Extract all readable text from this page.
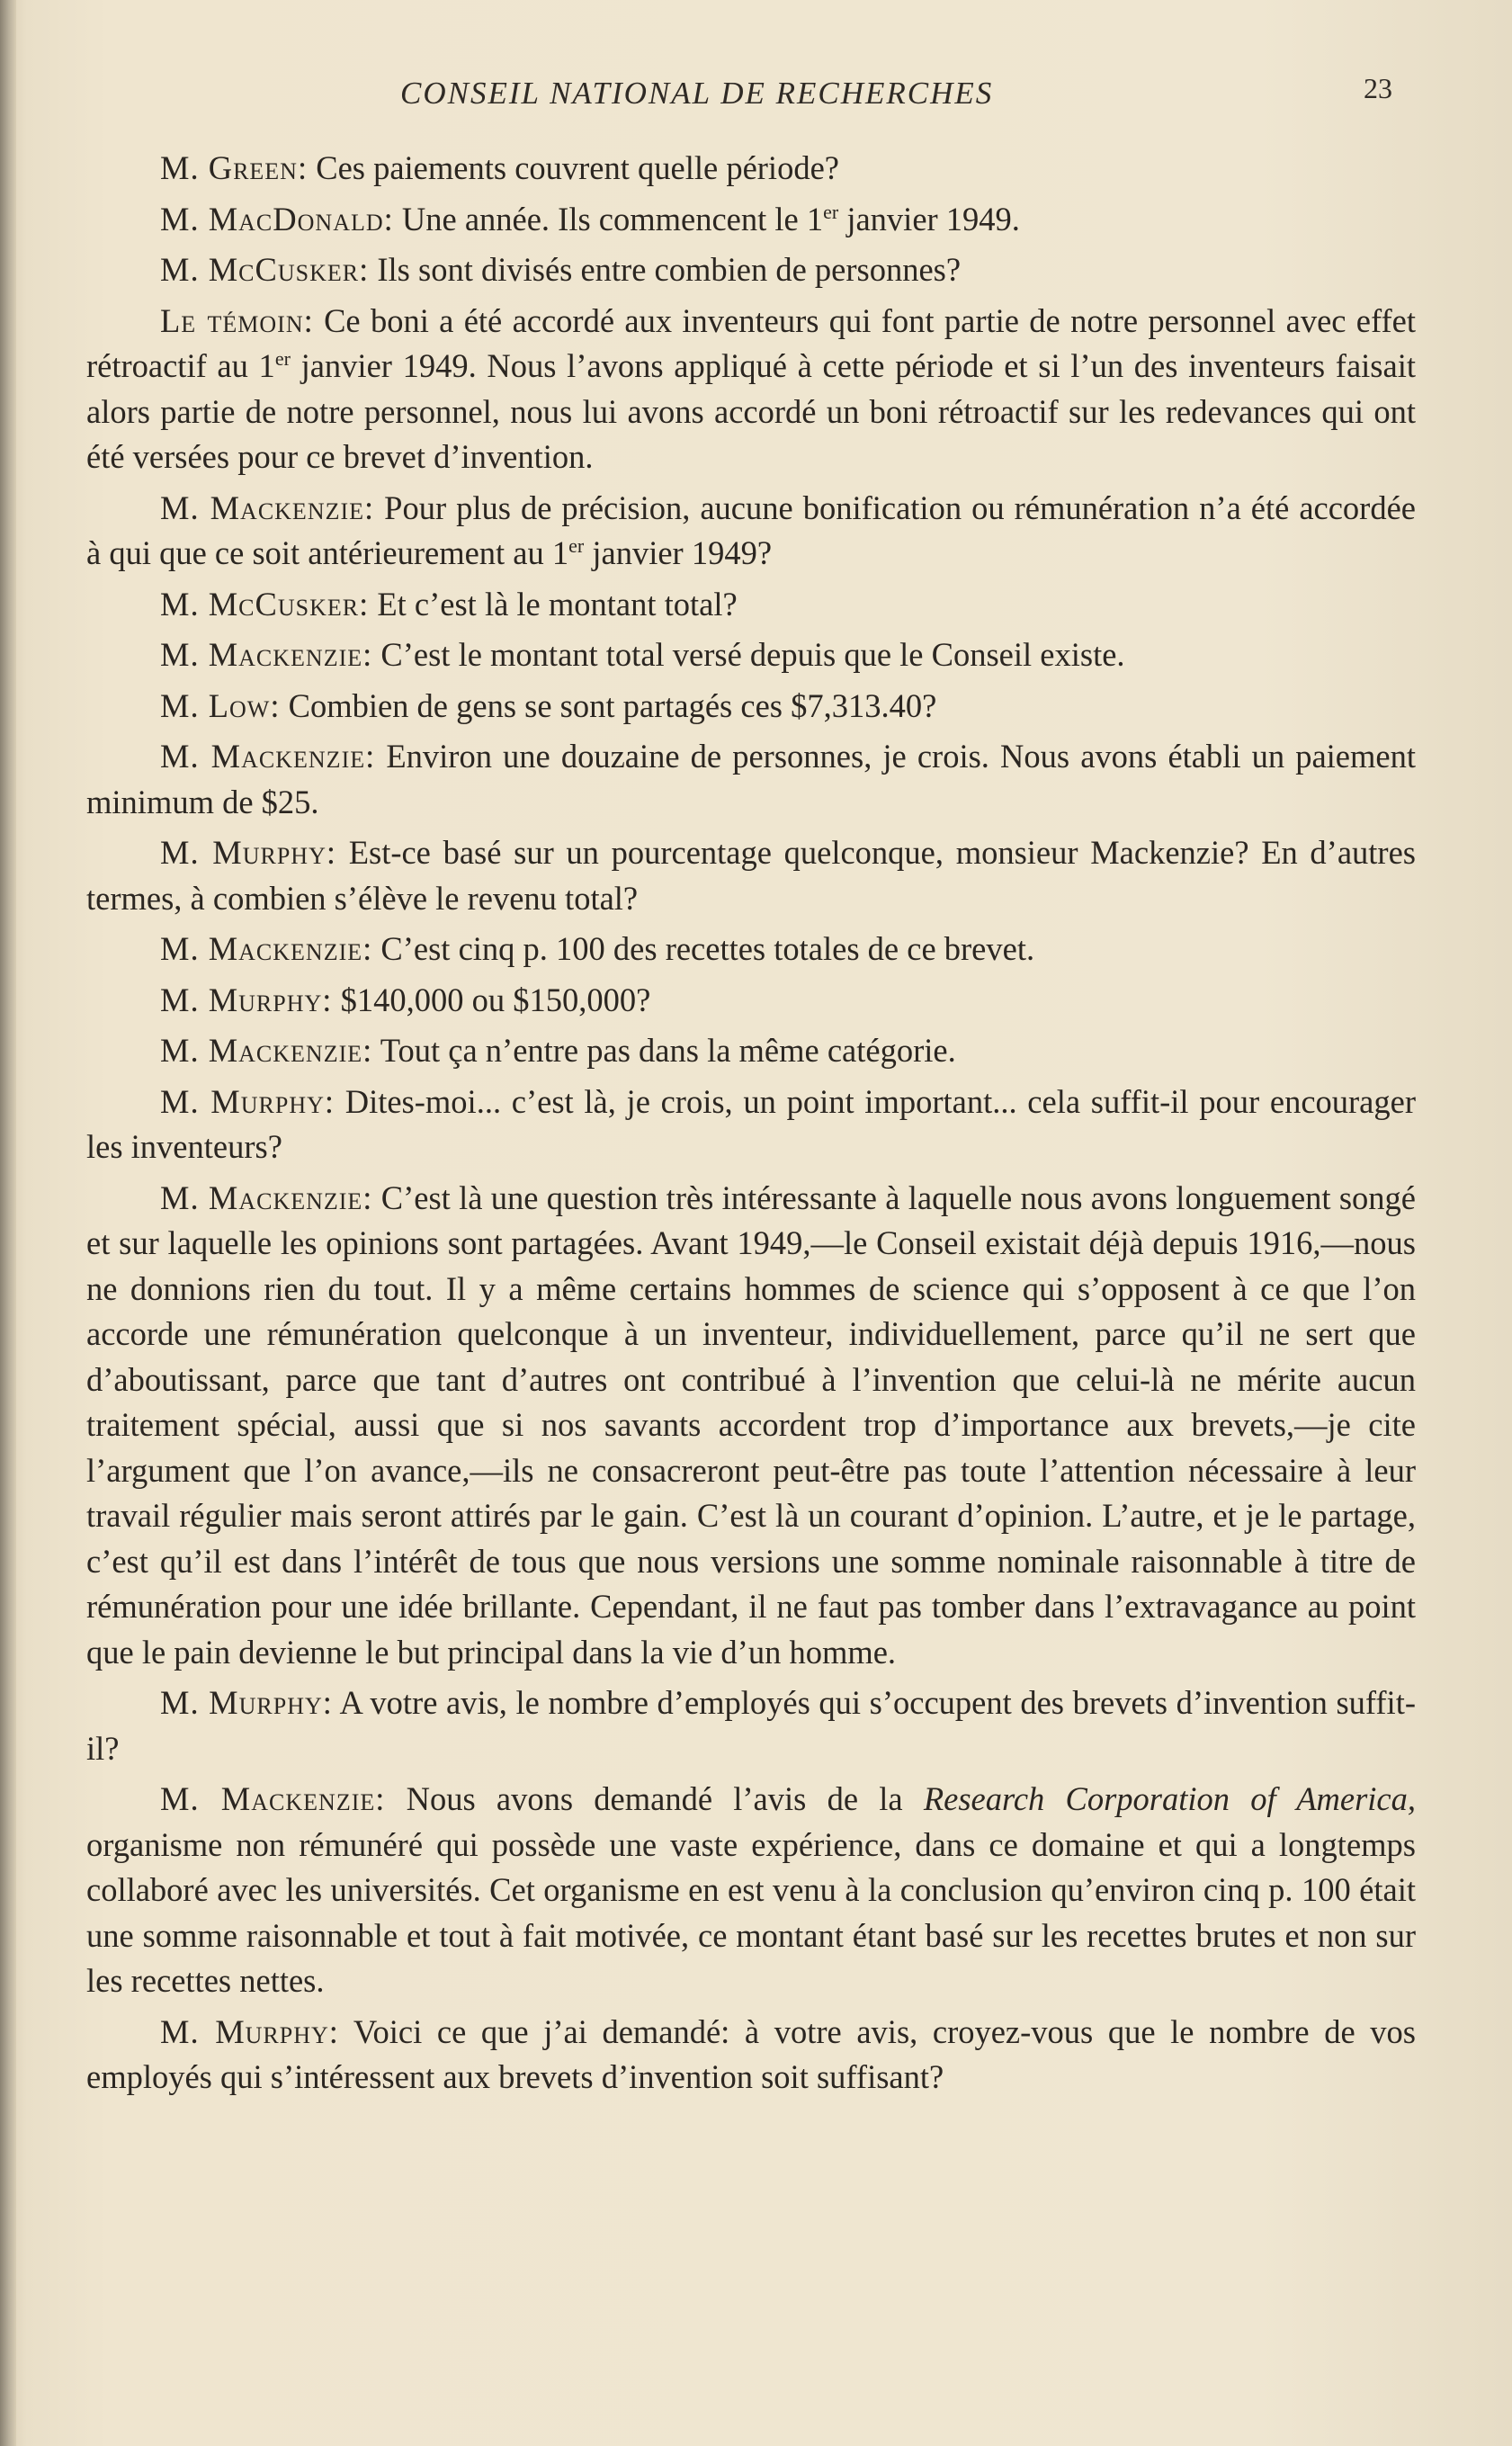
CONSEIL NATIONAL DE RECHERCHES	23

M. Green: Ces paiements couvrent quelle période?

M. MacDonald: Une année. Ils commencent le 1er janvier 1949.

M. McCusker: Ils sont divisés entre combien de personnes?

Le témoin: Ce boni a été accordé aux inventeurs qui font partie de notre personnel avec effet rétroactif au 1er janvier 1949. Nous l’avons appliqué à cette période et si l’un des inventeurs faisait alors partie de notre personnel, nous lui avons accordé un boni rétroactif sur les redevances qui ont été versées pour ce brevet d’invention.

M. Mackenzie: Pour plus de précision, aucune bonification ou rémunération n’a été accordée à qui que ce soit antérieurement au 1er janvier 1949?

M. McCusker: Et c’est là le montant total?

M. Mackenzie: C’est le montant total versé depuis que le Conseil existe.

M. Low: Combien de gens se sont partagés ces $7,313.40?

M. Mackenzie: Environ une douzaine de personnes, je crois. Nous avons établi un paiement minimum de $25.

M. Murphy: Est-ce basé sur un pourcentage quelconque, monsieur Mackenzie? En d’autres termes, à combien s’élève le revenu total?

M. Mackenzie: C’est cinq p. 100 des recettes totales de ce brevet.

M. Murphy: $140,000 ou $150,000?

M. Mackenzie: Tout ça n’entre pas dans la même catégorie.

M. Murphy: Dites-moi... c’est là, je crois, un point important... cela suffit-il pour encourager les inventeurs?

M. Mackenzie: C’est là une question très intéressante à laquelle nous avons longuement songé et sur laquelle les opinions sont partagées. Avant 1949,—le Conseil existait déjà depuis 1916,—nous ne donnions rien du tout. Il y a même certains hommes de science qui s’opposent à ce que l’on accorde une rémunération quelconque à un inventeur, individuellement, parce qu’il ne sert que d’aboutissant, parce que tant d’autres ont contribué à l’invention que celui-là ne mérite aucun traitement spécial, aussi que si nos savants accordent trop d’importance aux brevets,—je cite l’argument que l’on avance,—ils ne consacreront peut-être pas toute l’attention nécessaire à leur travail régulier mais seront attirés par le gain. C’est là un courant d’opinion. L’autre, et je le partage, c’est qu’il est dans l’intérêt de tous que nous versions une somme nominale raisonnable à titre de rémunération pour une idée brillante. Cependant, il ne faut pas tomber dans l’extravagance au point que le pain devienne le but principal dans la vie d’un homme.

M. Murphy: A votre avis, le nombre d’employés qui s’occupent des brevets d’invention suffit-il?

M. Mackenzie: Nous avons demandé l’avis de la Research Corporation of America, organisme non rémunéré qui possède une vaste expérience, dans ce domaine et qui a longtemps collaboré avec les universités. Cet organisme en est venu à la conclusion qu’environ cinq p. 100 était une somme raisonnable et tout à fait motivée, ce montant étant basé sur les recettes brutes et non sur les recettes nettes.

M. Murphy: Voici ce que j’ai demandé: à votre avis, croyez-vous que le nombre de vos employés qui s’intéressent aux brevets d’invention soit suffisant?
